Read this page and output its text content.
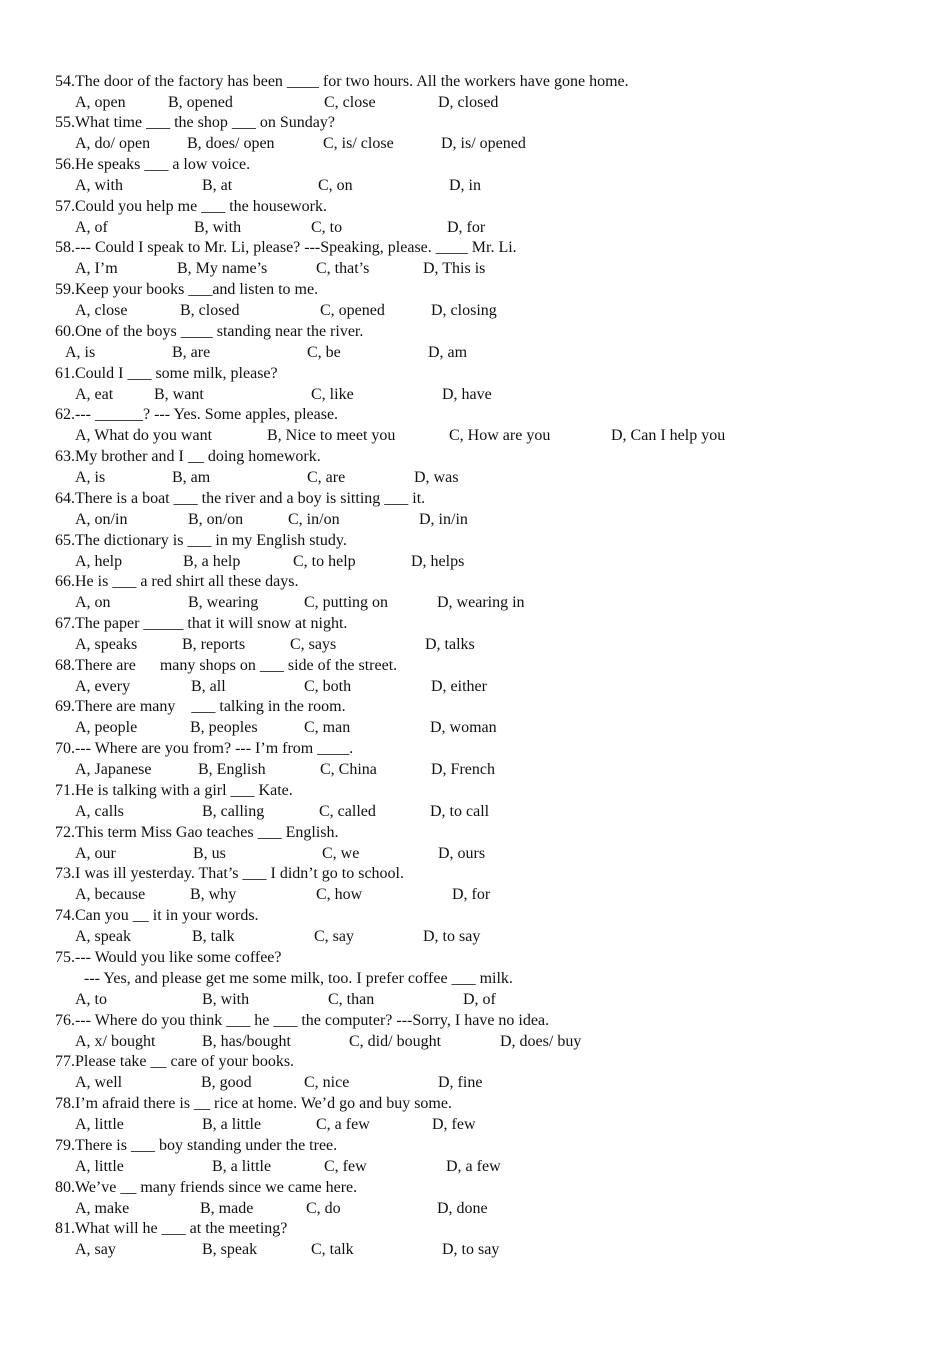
54.The door of the factory has been ____ for two hours. All the workers have gone home.
A, open	B, opened	C, close	D, closed
55.What time ___ the shop ___ on Sunday?
A, do/ open B, does/ open	C, is/ close	D, is/ opened
56.He speaks ___ a low voice.
A, with	B, at	C, on	D, in
57.Could you help me ___ the housework.
A, of	B, with	C, to	D, for
58.--- Could I speak to Mr. Li, please? ---Speaking, please. ____ Mr. Li.
A, I’m	B, My name’s	C, that’s	D, This is
59.Keep your books ___and listen to me.
A, close	B, closed	C, opened	D, closing
60.One of the boys ____ standing near the river.
A, is	B, are	C, be	D, am
61.Could I ___ some milk, please?
A, eat	B, want	C, like	D, have
62.--- ______? --- Yes. Some apples, please.
A, What do you want	B, Nice to meet you	C, How are you	D, Can I help you
63.My brother and I __ doing homework.
A, is	B, am	C, are	D, was
64.There is a boat ___ the river and a boy is sitting ___ it.
A, on/in	B, on/on	C, in/on	D, in/in
65.The dictionary is ___ in my English study.
A, help	B, a help	C, to help	D, helps
66.He is ___ a red shirt all these days.
A, on	B, wearing	C, putting on	D, wearing in
67.The paper _____ that it will snow at night.
A, speaks	B, reports	C, says	D, talks
68.There are      many shops on ___ side of the street.
A, every	B, all	C, both	D, either
69.There are many    ___ talking in the room.
A, people	B, peoples	C, man	D, woman
70.--- Where are you from? --- I’m from ____.
A, Japanese	B, English	C, China	D, French
71.He is talking with a girl ___ Kate.
A, calls	B, calling	C, called	D, to call
72.This term Miss Gao teaches ___ English.
A, our	B, us	C, we	D, ours
73.I was ill yesterday. That’s ___ I didn’t go to school.
A, because	B, why	C, how	D, for
74.Can you __ it in your words.
A, speak	B, talk	C, say	D, to say
75.--- Would you like some coffee?
--- Yes, and please get me some milk, too. I prefer coffee ___ milk.
A, to	B, with	C, than	D, of
76.--- Where do you think ___ he ___ the computer? ---Sorry, I have no idea.
A, x/ bought	B, has/bought	C, did/ bought	D, does/ buy
77.Please take __ care of your books.
A, well	B, good	C, nice	D, fine
78.I’m afraid there is __ rice at home. We’d go and buy some.
A, little	B, a little	C, a few	D, few
79.There is ___ boy standing under the tree.
A, little	B, a little	C, few	D, a few
80.We’ve __ many friends since we came here.
A, make	B, made	C, do	D, done
81.What will he ___ at the meeting?
A, say	B, speak	C, talk	D, to say
